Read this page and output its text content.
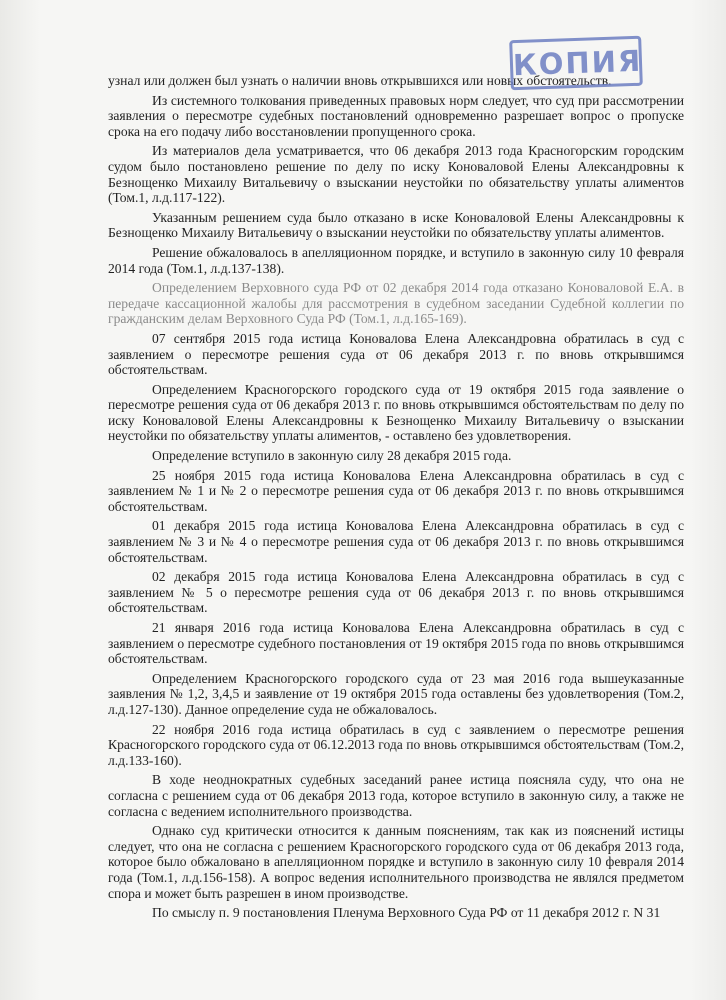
КОПИЯ

узнал или должен был узнать о наличии вновь открывшихся или новых обстоятельств.

Из системного толкования приведенных правовых норм следует, что суд при рассмотрении заявления о пересмотре судебных постановлений одновременно разрешает вопрос о пропуске срока на его подачу либо восстановлении пропущенного срока.

Из материалов дела усматривается, что 06 декабря 2013 года Красногорским городским судом было постановлено решение по делу по иску Коноваловой Елены Александровны к Безнощенко Михаилу Витальевичу о взыскании неустойки по обязательству уплаты алиментов (Том.1, л.д.117-122).

Указанным решением суда было отказано в иске Коноваловой Елены Александровны к Безнощенко Михаилу Витальевичу о взыскании неустойки по обязательству уплаты алиментов.

Решение обжаловалось в апелляционном порядке, и вступило в законную силу 10 февраля 2014 года (Том.1, л.д.137-138).

Определением Верховного суда РФ от 02 декабря 2014 года отказано Коноваловой Е.А. в передаче кассационной жалобы для рассмотрения в судебном заседании Судебной коллегии по гражданским делам Верховного Суда РФ (Том.1, л.д.165-169).

07 сентября 2015 года истица Коновалова Елена Александровна обратилась в суд с заявлением о пересмотре решения суда от 06 декабря 2013 г. по вновь открывшимся обстоятельствам.

Определением Красногорского городского суда от 19 октября 2015 года заявление о пересмотре решения суда от 06 декабря 2013 г. по вновь открывшимся обстоятельствам по делу по иску Коноваловой Елены Александровны к Безнощенко Михаилу Витальевичу о взыскании неустойки по обязательству уплаты алиментов, - оставлено без удовлетворения.

Определение вступило в законную силу 28 декабря 2015 года.

25 ноября 2015 года истица Коновалова Елена Александровна обратилась в суд с заявлением № 1 и № 2 о пересмотре решения суда от 06 декабря 2013 г. по вновь открывшимся обстоятельствам.

01 декабря 2015 года истица Коновалова Елена Александровна обратилась в суд с заявлением № 3 и № 4 о пересмотре решения суда от 06 декабря 2013 г. по вновь открывшимся обстоятельствам.

02 декабря 2015 года истица Коновалова Елена Александровна обратилась в суд с заявлением № 5 о пересмотре решения суда от 06 декабря 2013 г. по вновь открывшимся обстоятельствам.

21 января 2016 года истица Коновалова Елена Александровна обратилась в суд с заявлением о пересмотре судебного постановления от 19 октября 2015 года по вновь открывшимся обстоятельствам.

Определением Красногорского городского суда от 23 мая 2016 года вышеуказанные заявления № 1,2, 3,4,5 и заявление от 19 октября 2015 года оставлены без удовлетворения (Том.2, л.д.127-130). Данное определение суда не обжаловалось.

22 ноября 2016 года истица обратилась в суд с заявлением о пересмотре решения Красногорского городского суда от 06.12.2013 года по вновь открывшимся обстоятельствам (Том.2, л.д.133-160).

В ходе неоднократных судебных заседаний ранее истица поясняла суду, что она не согласна с решением суда от 06 декабря 2013 года, которое вступило в законную силу, а также не согласна с ведением исполнительного производства.

Однако суд критически относится к данным пояснениям, так как из пояснений истицы следует, что она не согласна с решением Красногорского городского суда от 06 декабря 2013 года, которое было обжаловано в апелляционном порядке и вступило в законную силу 10 февраля 2014 года (Том.1, л.д.156-158). А вопрос ведения исполнительного производства не являлся предметом спора и может быть разрешен в ином производстве.

По смыслу п. 9 постановления Пленума Верховного Суда РФ от 11 декабря 2012 г. N 31
